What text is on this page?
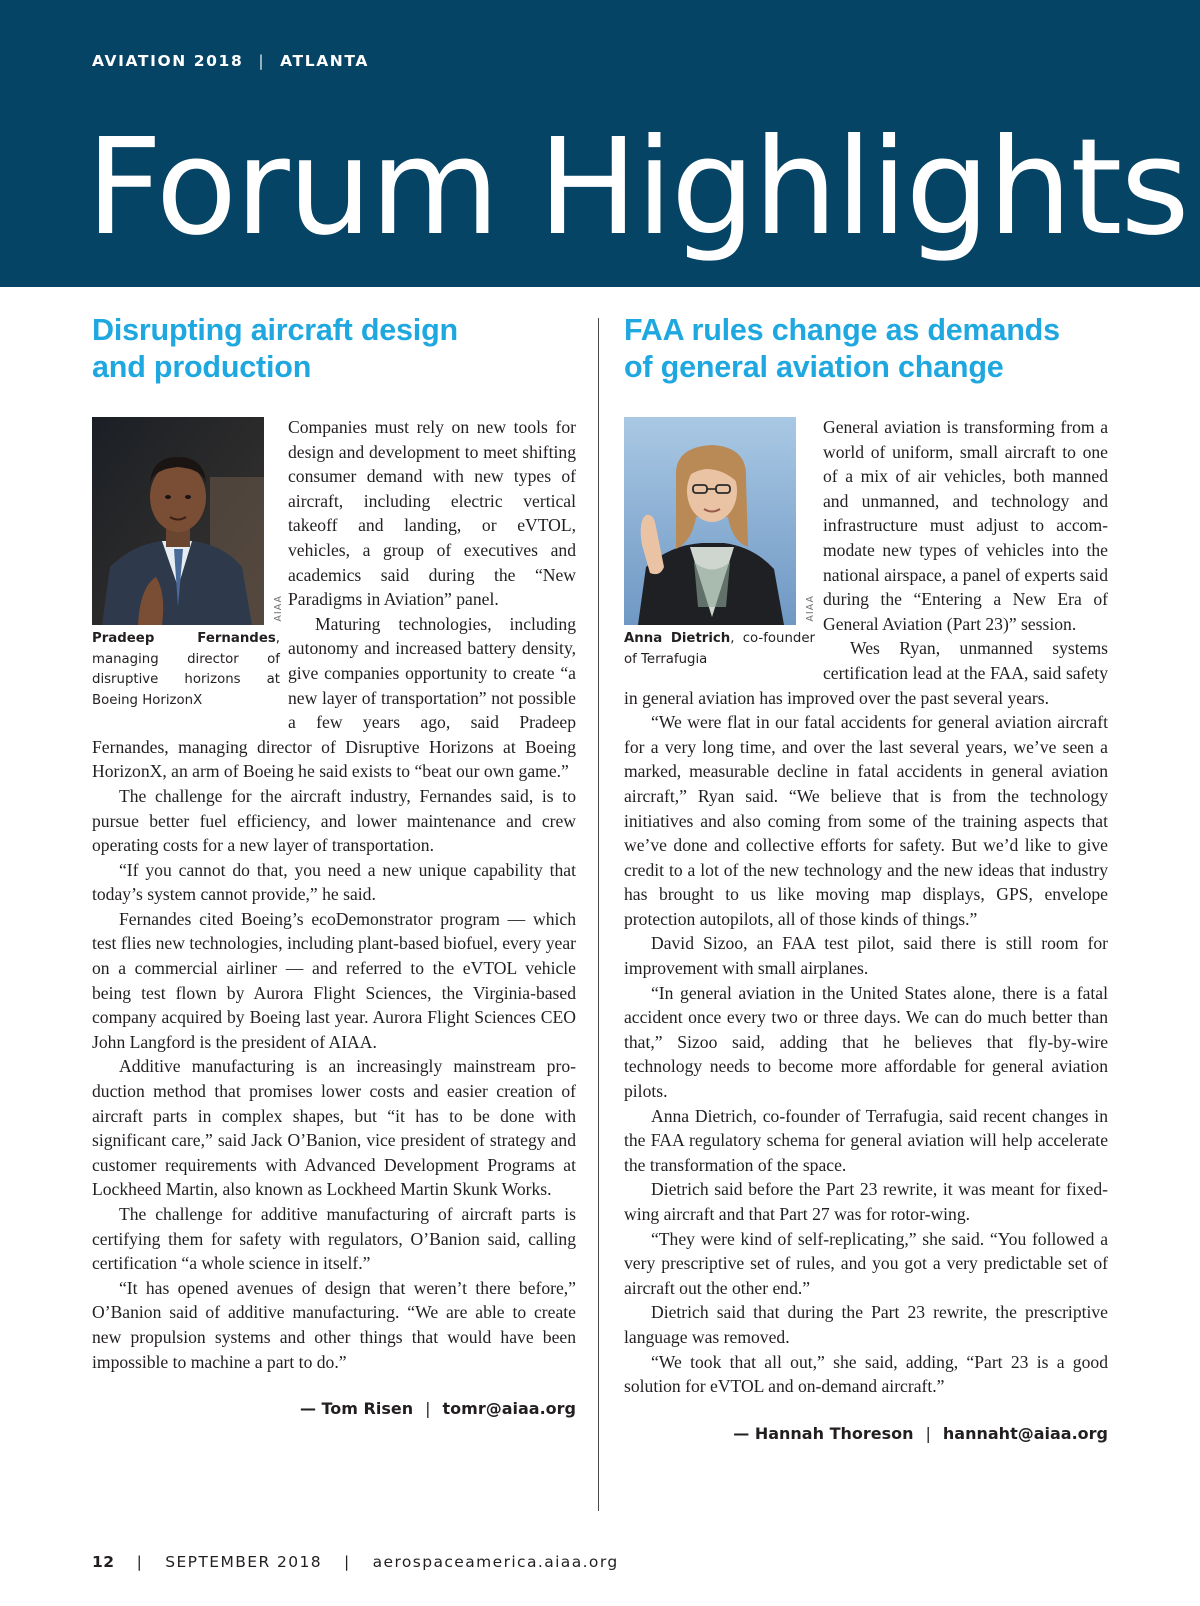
AVIATION 2018 | ATLANTA
Forum Highlights
Disrupting aircraft design
and production
AIAA
Pradeep Fernandes, managing director of disruptive horizons at Boeing HorizonX

Companies must rely on new tools for design and development to meet shifting consumer demand with new types of aircraft, including electric vertical takeoff and landing, or eVTOL, vehicles, a group of executives and academics said during the “New Paradigms in Aviation” panel.

Maturing technologies, including autonomy and increased battery density, give companies opportunity to create “a new layer of transportation” not possible a few years ago, said Pradeep Fernandes, managing director of Disruptive Horizons at Boeing HorizonX, an arm of Boeing he said exists to “beat our own game.”

The challenge for the aircraft industry, Fernandes said, is to pursue better fuel efficiency, and lower maintenance and crew operating costs for a new layer of transportation.

“If you cannot do that, you need a new unique capability that today’s system cannot provide,” he said.

Fernandes cited Boeing’s ecoDemonstrator program — which test flies new technologies, including plant-based biofuel, every year on a commercial airliner — and referred to the eVTOL vehicle being test flown by Aurora Flight Sciences, the Virginia-based company acquired by Boeing last year. Aurora Flight Sciences CEO John Langford is the president of AIAA.

Additive manufacturing is an increasingly mainstream production method that promises lower costs and easier creation of aircraft parts in complex shapes, but “it has to be done with significant care,” said Jack O’Banion, vice president of strategy and customer requirements with Advanced Development Programs at Lockheed Martin, also known as Lockheed Martin Skunk Works.

The challenge for additive manufacturing of aircraft parts is certifying them for safety with regulators, O’Banion said, calling certification “a whole science in itself.”

“It has opened avenues of design that weren’t there before,” O’Banion said of additive manufacturing. “We are able to create new propulsion systems and other things that would have been impossible to machine a part to do.”

— Tom Risen | tomr@aiaa.org
FAA rules change as demands
of general aviation change
AIAA
Anna Dietrich, co-founder of Terrafugia

General aviation is transforming from a world of uniform, small aircraft to one of a mix of air vehicles, both manned and unmanned, and technology and infrastructure must adjust to accommodate new types of vehicles into the national airspace, a panel of experts said during the “Entering a New Era of General Aviation (Part 23)” session.

Wes Ryan, unmanned systems certification lead at the FAA, said safety in general aviation has improved over the past several years.

“We were flat in our fatal accidents for general aviation aircraft for a very long time, and over the last several years, we’ve seen a marked, measurable decline in fatal accidents in general aviation aircraft,” Ryan said. “We believe that is from the technology initiatives and also coming from some of the training aspects that we’ve done and collective efforts for safety. But we’d like to give credit to a lot of the new technology and the new ideas that industry has brought to us like moving map displays, GPS, envelope protection autopilots, all of those kinds of things.”

David Sizoo, an FAA test pilot, said there is still room for improvement with small airplanes.

“In general aviation in the United States alone, there is a fatal accident once every two or three days. We can do much better than that,” Sizoo said, adding that he believes that fly-by-wire technology needs to become more affordable for general aviation pilots.

Anna Dietrich, co-founder of Terrafugia, said recent changes in the FAA regulatory schema for general aviation will help accelerate the transformation of the space.

Dietrich said before the Part 23 rewrite, it was meant for fixed-wing aircraft and that Part 27 was for rotor-wing.

“They were kind of self-replicating,” she said. “You followed a very prescriptive set of rules, and you got a very predictable set of aircraft out the other end.”

Dietrich said that during the Part 23 rewrite, the prescriptive language was removed.

“We took that all out,” she said, adding, “Part 23 is a good solution for eVTOL and on-demand aircraft.”

— Hannah Thoreson | hannaht@aiaa.org
12 | SEPTEMBER 2018 | aerospaceamerica.aiaa.org
